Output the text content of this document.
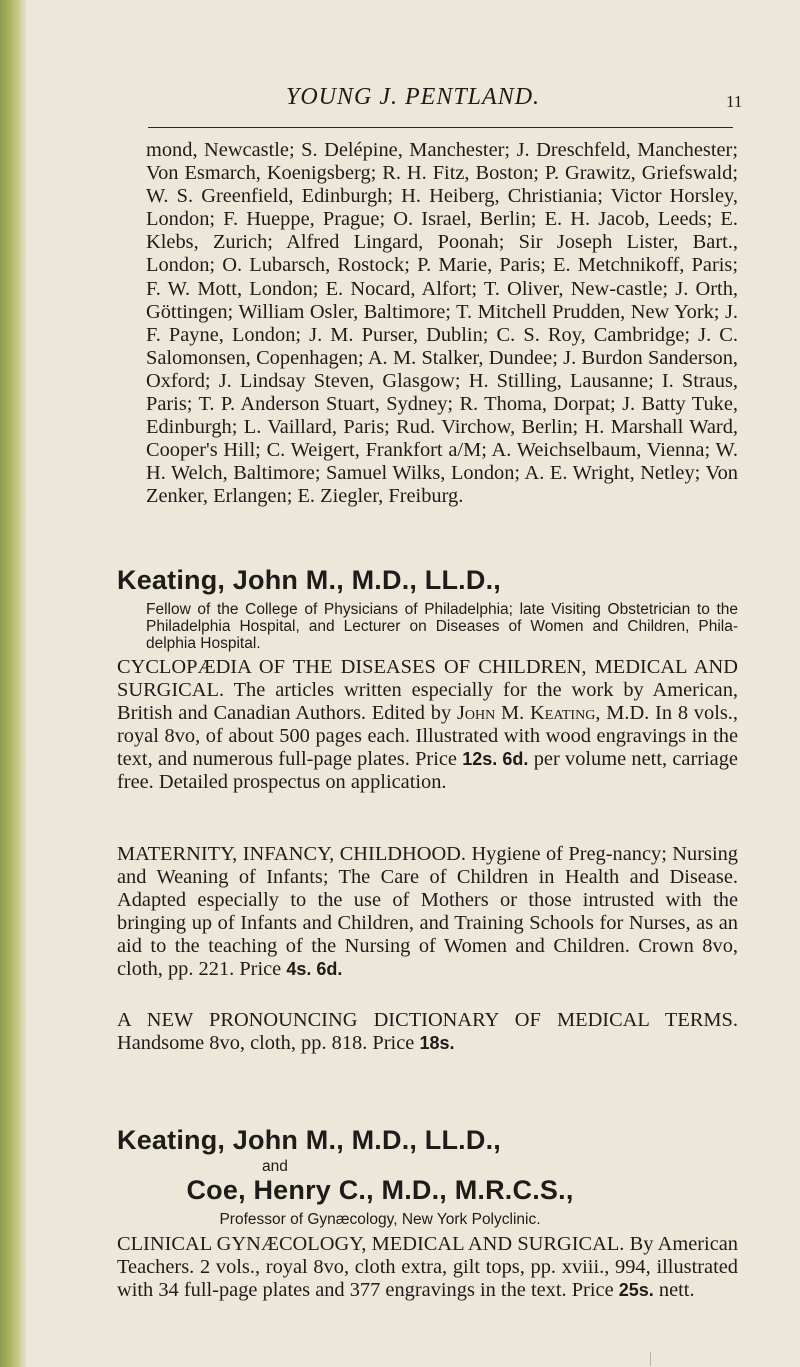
YOUNG J. PENTLAND.	11
mond, Newcastle; S. Delépine, Manchester; J. Dreschfeld, Manchester; Von Esmarch, Koenigsberg; R. H. Fitz, Boston; P. Grawitz, Griefswald; W. S. Greenfield, Edinburgh; H. Heiberg, Christiania; Victor Horsley, London; F. Hueppe, Prague; O. Israel, Berlin; E. H. Jacob, Leeds; E. Klebs, Zurich; Alfred Lingard, Poonah; Sir Joseph Lister, Bart., London; O. Lubarsch, Rostock; P. Marie, Paris; E. Metchnikoff, Paris; F. W. Mott, London; E. Nocard, Alfort; T. Oliver, New-castle; J. Orth, Göttingen; William Osler, Baltimore; T. Mitchell Prudden, New York; J. F. Payne, London; J. M. Purser, Dublin; C. S. Roy, Cambridge; J. C. Salomonsen, Copenhagen; A. M. Stalker, Dundee; J. Burdon Sanderson, Oxford; J. Lindsay Steven, Glasgow; H. Stilling, Lausanne; I. Straus, Paris; T. P. Anderson Stuart, Sydney; R. Thoma, Dorpat; J. Batty Tuke, Edinburgh; L. Vaillard, Paris; Rud. Virchow, Berlin; H. Marshall Ward, Cooper's Hill; C. Weigert, Frankfort a/M; A. Weichselbaum, Vienna; W. H. Welch, Baltimore; Samuel Wilks, London; A. E. Wright, Netley; Von Zenker, Erlangen; E. Ziegler, Freiburg.
Keating, John M., M.D., LL.D.,
Fellow of the College of Physicians of Philadelphia; late Visiting Obstetrician to the Philadelphia Hospital, and Lecturer on Diseases of Women and Children, Phila-delphia Hospital.
CYCLOPÆDIA OF THE DISEASES OF CHILDREN, MEDICAL AND SURGICAL. The articles written especially for the work by American, British and Canadian Authors. Edited by John M. Keating, M.D. In 8 vols., royal 8vo, of about 500 pages each. Illustrated with wood engravings in the text, and numerous full-page plates. Price 12s. 6d. per volume nett, carriage free. Detailed prospectus on application.
MATERNITY, INFANCY, CHILDHOOD. Hygiene of Preg-nancy; Nursing and Weaning of Infants; The Care of Children in Health and Disease. Adapted especially to the use of Mothers or those intrusted with the bringing up of Infants and Children, and Training Schools for Nurses, as an aid to the teaching of the Nursing of Women and Children. Crown 8vo, cloth, pp. 221. Price 4s. 6d.
A NEW PRONOUNCING DICTIONARY OF MEDICAL TERMS. Handsome 8vo, cloth, pp. 818. Price 18s.
Keating, John M., M.D., LL.D.,
and
Coe, Henry C., M.D., M.R.C.S.,
Professor of Gynæcology, New York Polyclinic.
CLINICAL GYNÆCOLOGY, MEDICAL AND SURGICAL. By American Teachers. 2 vols., royal 8vo, cloth extra, gilt tops, pp. xviii., 994, illustrated with 34 full-page plates and 377 engravings in the text. Price 25s. nett.
